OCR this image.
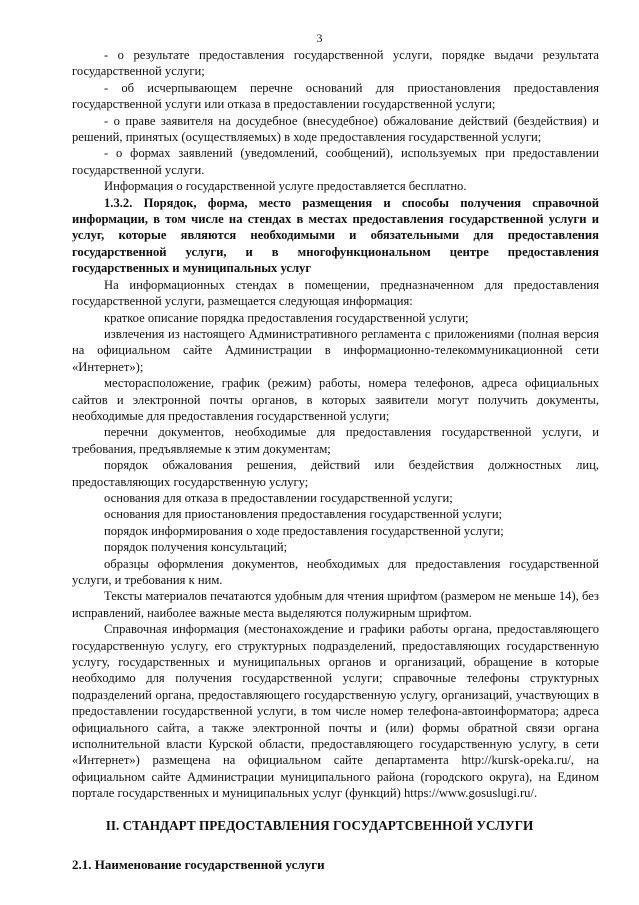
3

- о результате предоставления государственной услуги, порядке выдачи результата государственной услуги;

- об исчерпывающем перечне оснований для приостановления предоставления государственной услуги или отказа в предоставлении государственной услуги;

- о праве заявителя на досудебное (внесудебное) обжалование действий (бездействия) и решений, принятых (осуществляемых) в ходе предоставления государственной услуги;

- о формах заявлений (уведомлений, сообщений), используемых при предоставлении государственной услуги.

Информация о государственной услуге предоставляется бесплатно.

1.3.2. Порядок, форма, место размещения и способы получения справочной информации, в том числе на стендах в местах предоставления государственной услуги и услуг, которые являются необходимыми и обязательными для предоставления государственной услуги, и в многофункциональном центре предоставления государственных и муниципальных услуг

На информационных стендах в помещении, предназначенном для предоставления государственной услуги, размещается следующая информация:

краткое описание порядка предоставления государственной услуги;

извлечения из настоящего Административного регламента с приложениями (полная версия на официальном сайте Администрации в информационно-телекоммуникационной сети «Интернет»);

месторасположение, график (режим) работы, номера телефонов, адреса официальных сайтов и электронной почты органов, в которых заявители могут получить документы, необходимые для предоставления государственной услуги;

перечни документов, необходимые для предоставления государственной услуги, и требования, предъявляемые к этим документам;

порядок обжалования решения, действий или бездействия должностных лиц, предоставляющих государственную услугу;

основания для отказа в предоставлении государственной услуги;

основания для приостановления предоставления государственной услуги;

порядок информирования о ходе предоставления государственной услуги;

порядок получения консультаций;

образцы оформления документов, необходимых для предоставления государственной услуги, и требования к ним.

Тексты материалов печатаются удобным для чтения шрифтом (размером не меньше 14), без исправлений, наиболее важные места выделяются полужирным шрифтом.

Справочная информация (местонахождение и графики работы органа, предоставляющего государственную услугу, его структурных подразделений, предоставляющих государственную услугу, государственных и муниципальных органов и организаций, обращение в которые необходимо для получения государственной услуги; справочные телефоны структурных подразделений органа, предоставляющего государственную услугу, организаций, участвующих в предоставлении государственной услуги, в том числе номер телефона-автоинформатора; адреса официального сайта, а также электронной почты и (или) формы обратной связи органа исполнительной власти Курской области, предоставляющего государственную услугу, в сети «Интернет») размещена на официальном сайте департамента http://kursk-opeka.ru/, на официальном сайте Администрации муниципального района (городского округа), на Едином портале государственных и муниципальных услуг (функций) https://www.gosuslugi.ru/.

II. СТАНДАРТ ПРЕДОСТАВЛЕНИЯ ГОСУДАРТСВЕННОЙ УСЛУГИ
2.1. Наименование государственной услуги
